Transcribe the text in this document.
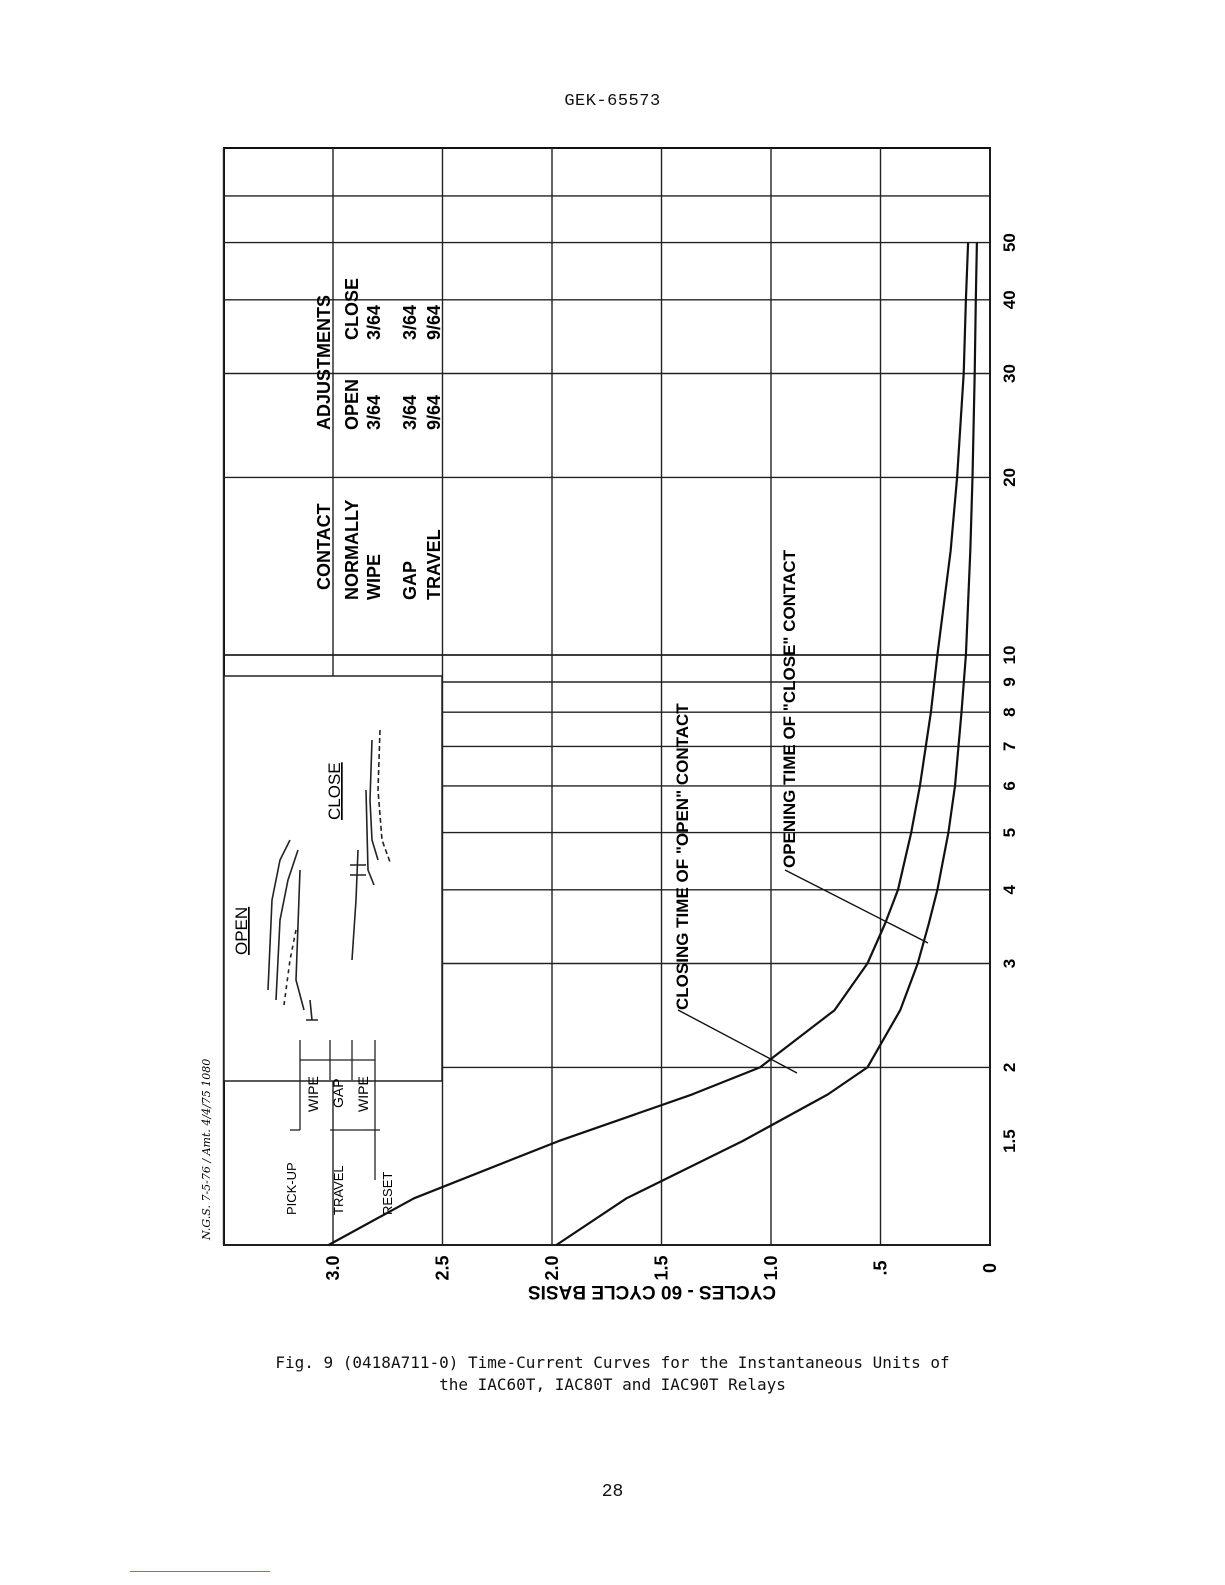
GEK-65573
OPEN
CLOSE
WIPE GAP WIPE
PICK-UP TRAVEL	RESET
N.G.S. 7-5-76 / Amt. 4/4/75 1080
CONTACT
ADJUSTMENTS
NORMALLY
OPEN
CLOSE
WIPE
3/64
3/64
GAP
3/64
3/64
TRAVEL
9/64
9/64
CLOSING TIME OF "OPEN" CONTACT	OPENING TIME OF "CLOSE" CONTACT
1.5
2
3
4
5
6
7
8
9
10
20
30
40
50
0
.5
1.0
1.5
2.0
2.5
3.0
CYCLES - 60 CYCLE BASIS
Fig. 9 (0418A711-0) Time-Current Curves for the Instantaneous Units of
the IAC60T, IAC80T and IAC90T Relays
28
